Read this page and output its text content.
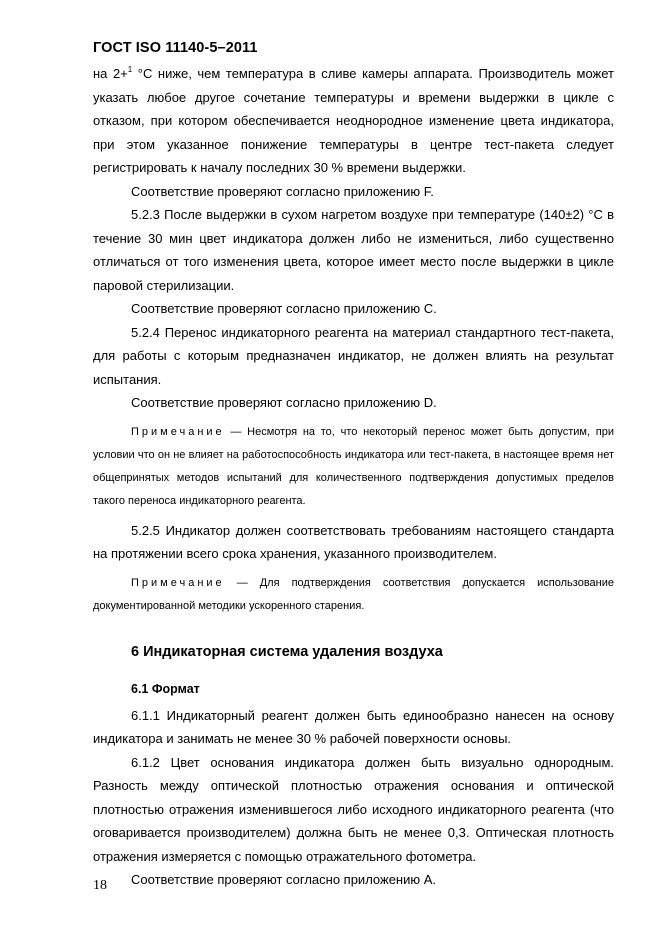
ГОСТ ISO 11140-5–2011

на 2+$^1$ °С ниже, чем температура в сливе камеры аппарата. Производитель может указать любое другое сочетание температуры и времени выдержки в цикле с отказом, при котором обеспечивается неоднородное изменение цвета индикатора, при этом указанное понижение температуры в центре тест-пакета следует регистрировать к началу последних 30 % времени выдержки.

Соответствие проверяют согласно приложению F.

5.2.3 После выдержки в сухом нагретом воздухе при температуре (140±2) °С в течение 30 мин цвет индикатора должен либо не измениться, либо существенно отличаться от того изменения цвета, которое имеет место после выдержки в цикле паровой стерилизации.

Соответствие проверяют согласно приложению С.

5.2.4 Перенос индикаторного реагента на материал стандартного тест-пакета, для работы с которым предназначен индикатор, не должен влиять на результат испытания.

Соответствие проверяют согласно приложению D.

Примечание — Несмотря на то, что некоторый перенос может быть допустим, при условии что он не влияет на работоспособность индикатора или тест-пакета, в настоящее время нет общепринятых методов испытаний для количественного подтверждения допустимых пределов такого переноса индикаторного реагента.

5.2.5 Индикатор должен соответствовать требованиям настоящего стандарта на протяжении всего срока хранения, указанного производителем.

Примечание — Для подтверждения соответствия допускается использование документированной методики ускоренного старения.

6 Индикаторная система удаления воздуха
6.1 Формат

6.1.1 Индикаторный реагент должен быть единообразно нанесен на основу индикатора и занимать не менее 30 % рабочей поверхности основы.

6.1.2 Цвет основания индикатора должен быть визуально однородным. Разность между оптической плотностью отражения основания и оптической плотностью отражения изменившегося либо исходного индикаторного реагента (что оговаривается производителем) должна быть не менее 0,3. Оптическая плотность отражения измеряется с помощью отражательного фотометра.

Соответствие проверяют согласно приложению А.

18
